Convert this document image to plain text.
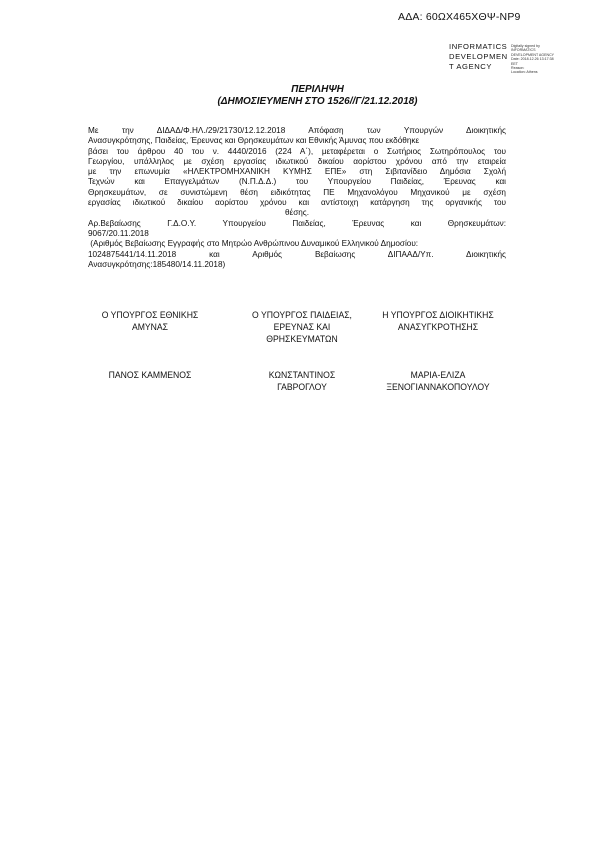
ΑΔΑ: 60ΩΧ465ΧΘΨ-ΝΡ9
INFORMATICS
DEVELOPMEN
T AGENCY
Digitally signed by
INFORMATICS
DEVELOPMENT AGENCY
Date: 2018.12.26 13:17:38
EET
Reason:
Location: Athens
ΠΕΡΙΛΗΨΗ
(ΔΗΜΟΣΙΕΥΜΕΝΗ ΣΤΟ 1526//Γ/21.12.2018)

Με την ΔΙΔΑΔ/Φ.ΗΛ./29/21730/12.12.2018 Απόφαση των Υπουργών Διοικητικής

Ανασυγκρότησης, Παιδείας, Έρευνας και Θρησκευμάτων και Εθνικής Άμυνας που εκδόθηκε

βάσει του άρθρου 40 του ν. 4440/2016 (224 Α΄), μεταφέρεται ο Σωτήριος Σωτηρόπουλος του

Γεωργίου, υπάλληλος με σχέση εργασίας ιδιωτικού δικαίου αορίστου χρόνου από την εταιρεία

με την επωνυμία «ΗΛΕΚΤΡΟΜΗΧΑΝΙΚΗ ΚΥΜΗΣ ΕΠΕ» στη Σιβιτανίδειο Δημόσια Σχολή

Τεχνών και Επαγγελμάτων (Ν.Π.Δ.Δ.) του Υπουργείου Παιδείας, Έρευνας και

Θρησκευμάτων, σε συνιστώμενη θέση ειδικότητας ΠΕ Μηχανολόγου Μηχανικού με σχέση

εργασίας ιδιωτικού δικαίου αορίστου χρόνου και αντίστοιχη κατάργηση της οργανικής του

θέσης.

Αρ.Βεβαίωσης Γ.Δ.Ο.Υ. Υπουργείου Παιδείας, Έρευνας και Θρησκευμάτων:

9067/20.11.2018

(Αριθμός Βεβαίωσης Εγγραφής στο Μητρώο Ανθρώπινου Δυναμικού Ελληνικού Δημοσίου:

1024875441/14.11.2018 και Αριθμός Βεβαίωσης ΔΙΠΑΑΔ/Υπ. Διοικητικής

Ανασυγκρότησης:185480/14.11.2018)

Ο ΥΠΟΥΡΓΟΣ ΕΘΝΙΚΗΣ
ΑΜΥΝΑΣ
Ο ΥΠΟΥΡΓΟΣ ΠΑΙΔΕΙΑΣ,
ΕΡΕΥΝΑΣ ΚΑΙ
ΘΡΗΣΚΕΥΜΑΤΩΝ
Η ΥΠΟΥΡΓΟΣ ΔΙΟΙΚΗΤΙΚΗΣ
ΑΝΑΣΥΓΚΡΟΤΗΣΗΣ
ΠΑΝΟΣ ΚΑΜΜΕΝΟΣ	ΚΩΝΣΤΑΝΤΙΝΟΣ
ΓΑΒΡΟΓΛΟΥ
ΜΑΡΙΑ-ΕΛΙΖΑ
ΞΕΝΟΓΙΑΝΝΑΚΟΠΟΥΛΟΥ
